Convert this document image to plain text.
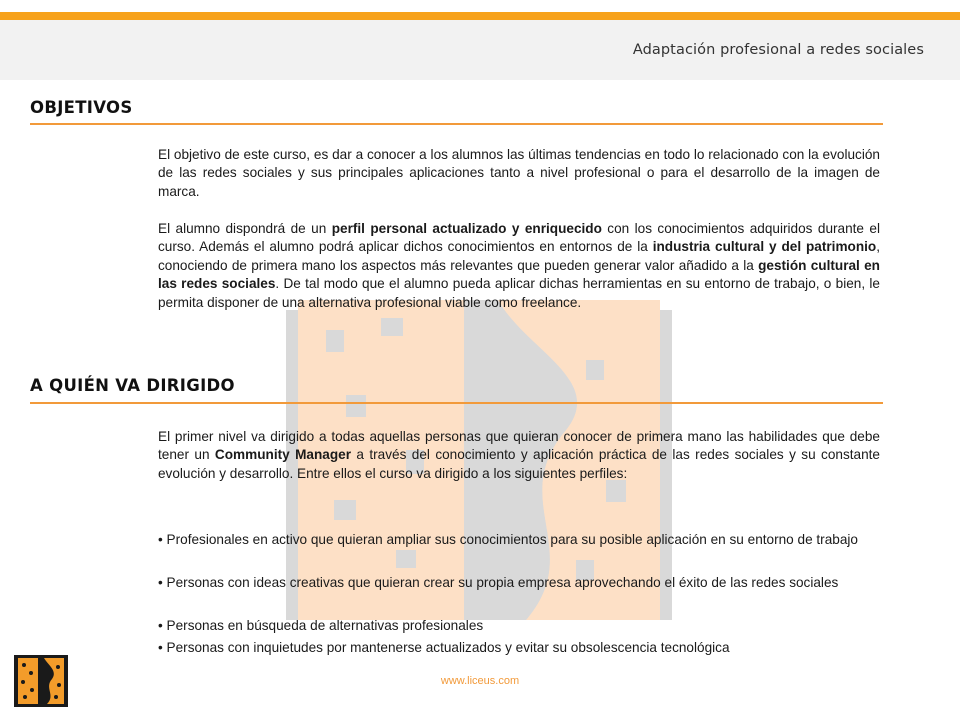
Adaptación profesional a redes sociales
OBJETIVOS

El objetivo de este curso, es dar a conocer a los alumnos las últimas tendencias en todo lo relacionado con la evolución de las redes sociales y sus principales aplicaciones tanto a nivel profesional o para el desarrollo de la imagen de marca.

El alumno dispondrá de un perfil personal actualizado y enriquecido con los conocimientos adquiridos durante el curso. Además el alumno podrá aplicar dichos conocimientos en entornos de la industria cultural y del patrimonio, conociendo de primera mano los aspectos más relevantes que pueden generar valor añadido a la gestión cultural en las redes sociales. De tal modo que el alumno pueda aplicar dichas herramientas en su entorno de trabajo, o bien, le permita disponer de una alternativa profesional viable como freelance.

A QUIÉN VA DIRIGIDO

El primer nivel va dirigido a todas aquellas personas que quieran conocer de primera mano las habilidades que debe tener un Community Manager a través del conocimiento y aplicación práctica de las redes sociales y su constante evolución y desarrollo. Entre ellos el curso va dirigido a los siguientes perfiles:

• Profesionales en activo que quieran ampliar sus conocimientos para su posible aplicación en su entorno de trabajo

• Personas con ideas creativas que quieran crear su propia empresa aprovechando el éxito de las redes sociales

• Personas en búsqueda de alternativas profesionales

• Personas con inquietudes por mantenerse actualizados y evitar su obsolescencia tecnológica

www.liceus.com
